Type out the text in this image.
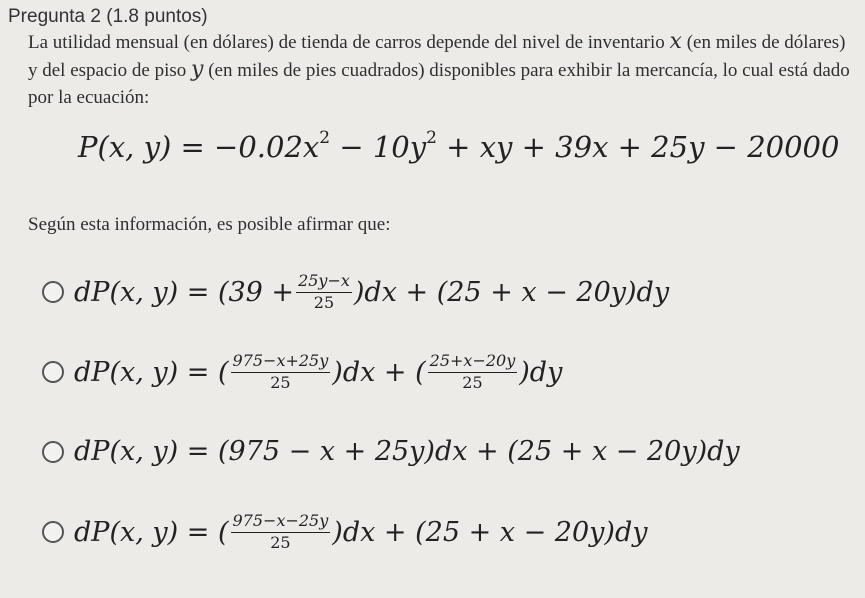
Pregunta 2 (1.8 puntos)
La utilidad mensual (en dólares) de tienda de carros depende del nivel de inventario x (en miles de dólares) y del espacio de piso y (en miles de pies cuadrados) disponibles para exhibir la mercancía, lo cual está dado por la ecuación:
P(x, $y) = -0.02x^2 - 10y^2$ + xy + 39x + 25y − 20000
Según esta información, es posible afirmar que:
dP(x, $y) = (39 + \frac{25y-x}{25} )dx + (25 + x - 20y)dy$
dP(x, y) = ( $\frac{975-x+25y}{25} )dx$ + ( $\frac{25+x-20y}{25} )dy$
dP(x, y) = (975 − x + 25y)dx + (25 + x − 20y)dy
dP(x, y) = ( $\frac{975-x-25y}{25} )dx + (25 + x - 20y)dy$
